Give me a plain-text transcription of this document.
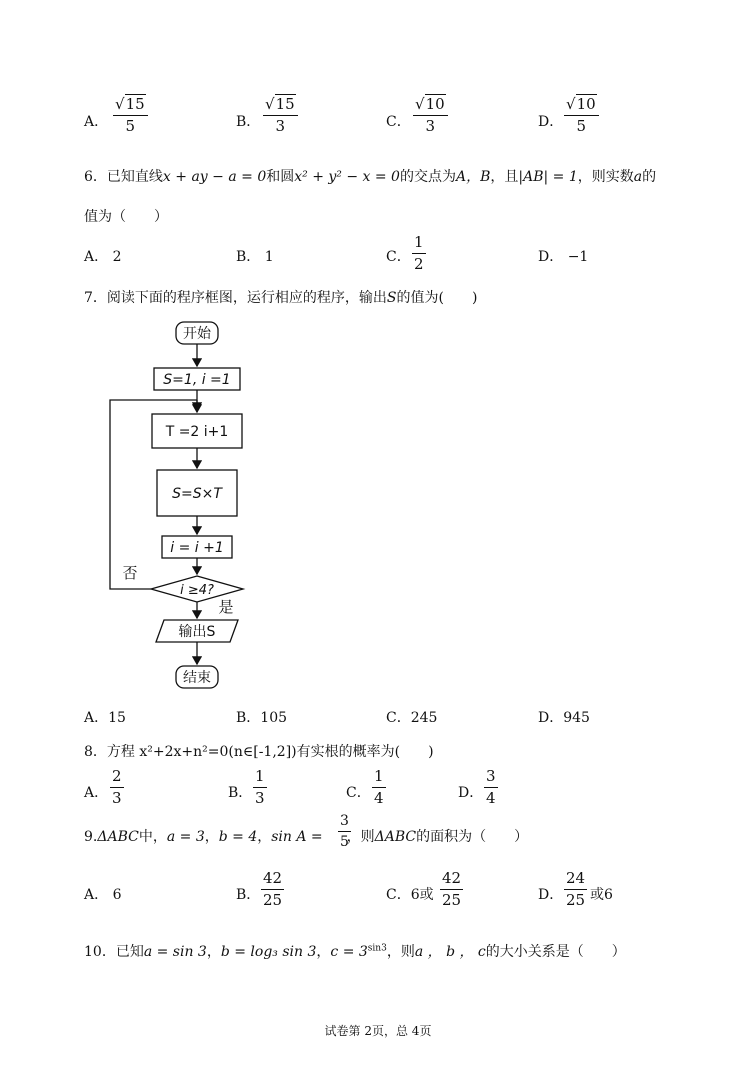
A． $\frac{√15}{5}$	B． $\frac{√15}{3}$	C． $\frac{√10}{3}$	D． $\frac{√10}{5}$
6．已知直线x + ay − a = 0和圆x² + y² − x = 0的交点为A，B，且|AB| = 1，则实数a的
值为（　　）
A． 2	B． 1	C． $\frac{1}{2}$	D． −1
7．阅读下面的程序框图，运行相应的程序，输出S的值为(　　)
开始
S=1, i =1
T =2 i+1
S=S×T
i = i +1
i ≥4?
否
是
输出S
结束
A．15	B．105	C．245	D．945
8．方程 x²+2x+n²=0(n∈[-1,2])有实根的概率为(　　)
A． $\frac{2}{3}$	B． $\frac{1}{3}$	C． $\frac{1}{4}$	D． $\frac{3}{4}$
9.ΔABC中，a = 3，b = 4，sin A = ，则ΔABC的面积为（　　）
$\frac{3}{5}$
A． 6	B． $\frac{42}{25}$	C．6或 $\frac{42}{25}$	D． $\frac{24}{25}$ 或6
10．已知a = sin 3，b = log₃ sin 3，$c = 3^{sin3}$，则a ， b ， c的大小关系是（　　）
试卷第 2页，总 4页
